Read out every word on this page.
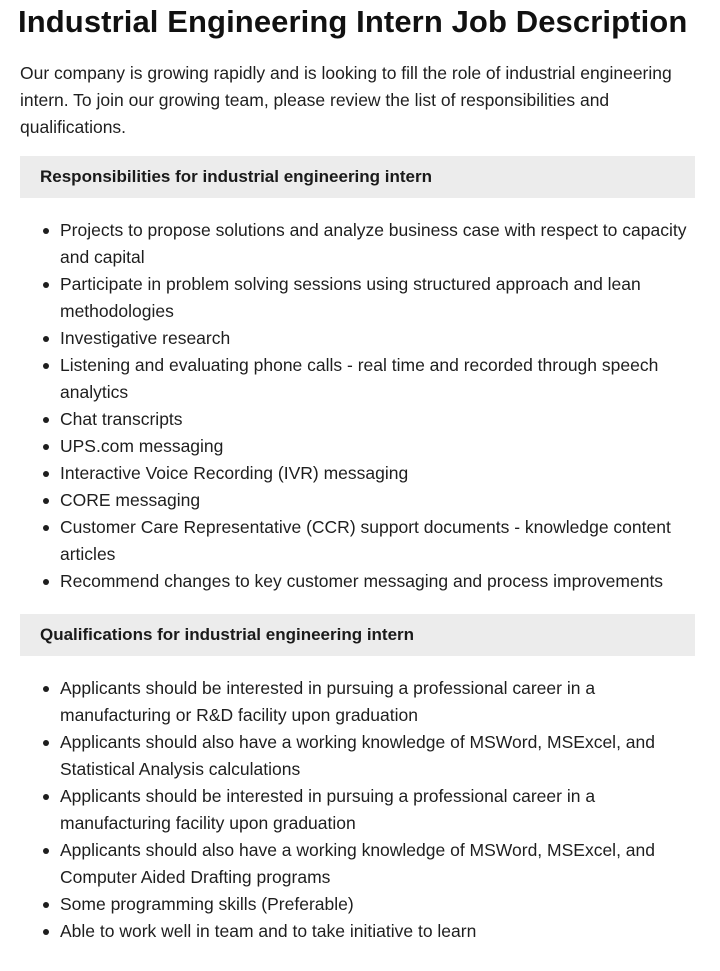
Industrial Engineering Intern Job Description

Our company is growing rapidly and is looking to fill the role of industrial engineering intern. To join our growing team, please review the list of responsibilities and qualifications.

Responsibilities for industrial engineering intern
Projects to propose solutions and analyze business case with respect to capacity and capital
Participate in problem solving sessions using structured approach and lean methodologies
Investigative research
Listening and evaluating phone calls - real time and recorded through speech analytics
Chat transcripts
UPS.com messaging
Interactive Voice Recording (IVR) messaging
CORE messaging
Customer Care Representative (CCR) support documents - knowledge content articles
Recommend changes to key customer messaging and process improvements
Qualifications for industrial engineering intern
Applicants should be interested in pursuing a professional career in a manufacturing or R&D facility upon graduation
Applicants should also have a working knowledge of MSWord, MSExcel, and Statistical Analysis calculations
Applicants should be interested in pursuing a professional career in a manufacturing facility upon graduation
Applicants should also have a working knowledge of MSWord, MSExcel, and Computer Aided Drafting programs
Some programming skills (Preferable)
Able to work well in team and to take initiative to learn
